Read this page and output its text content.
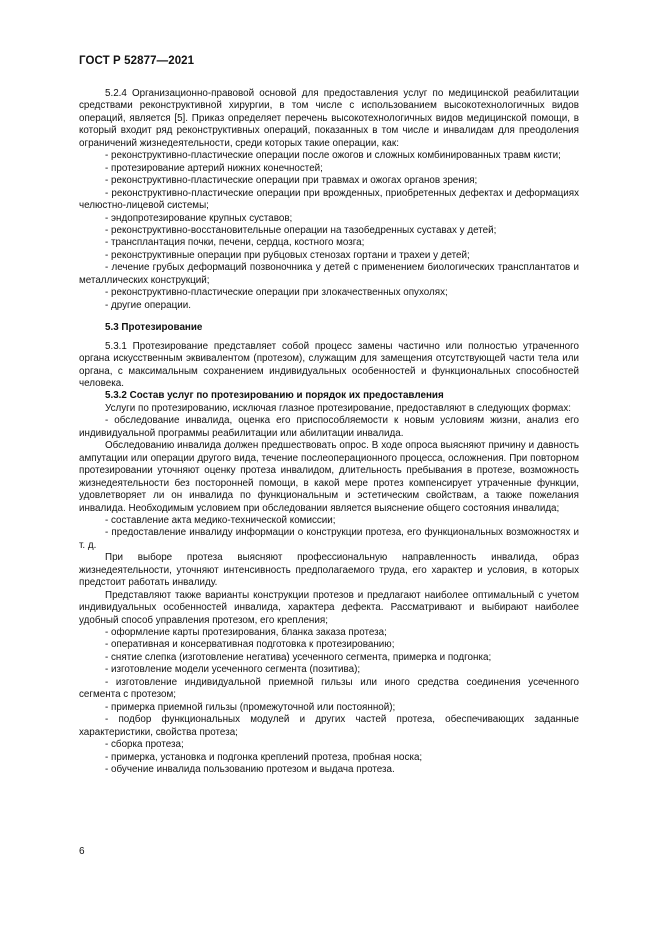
ГОСТ Р 52877—2021

5.2.4 Организационно-правовой основой для предоставления услуг по медицинской реабилитации средствами реконструктивной хирургии, в том числе с использованием высокотехнологичных видов операций, является [5]. Приказ определяет перечень высокотехнологичных видов медицинской помощи, в который входит ряд реконструктивных операций, показанных в том числе и инвалидам для преодоления ограничений жизнедеятельности, среди которых такие операции, как:

- реконструктивно-пластические операции после ожогов и сложных комбинированных травм кисти;

- протезирование артерий нижних конечностей;

- реконструктивно-пластические операции при травмах и ожогах органов зрения;

- реконструктивно-пластические операции при врожденных, приобретенных дефектах и деформациях челюстно-лицевой системы;

- эндопротезирование крупных суставов;

- реконструктивно-восстановительные операции на тазобедренных суставах у детей;

- трансплантация почки, печени, сердца, костного мозга;

- реконструктивные операции при рубцовых стенозах гортани и трахеи у детей;

- лечение грубых деформаций позвоночника у детей с применением биологических трансплантатов и металлических конструкций;

- реконструктивно-пластические операции при злокачественных опухолях;

- другие операции.

5.3 Протезирование

5.3.1 Протезирование представляет собой процесс замены частично или полностью утраченного органа искусственным эквивалентом (протезом), служащим для замещения отсутствующей части тела или органа, с максимальным сохранением индивидуальных особенностей и функциональных способностей человека.

5.3.2 Состав услуг по протезированию и порядок их предоставления

Услуги по протезированию, исключая глазное протезирование, предоставляют в следующих формах:

- обследование инвалида, оценка его приспособляемости к новым условиям жизни, анализ его индивидуальной программы реабилитации или абилитации инвалида.

Обследованию инвалида должен предшествовать опрос. В ходе опроса выясняют причину и давность ампутации или операции другого вида, течение послеоперационного процесса, осложнения. При повторном протезировании уточняют оценку протеза инвалидом, длительность пребывания в протезе, возможность жизнедеятельности без посторонней помощи, в какой мере протез компенсирует утраченные функции, удовлетворяет ли он инвалида по функциональным и эстетическим свойствам, а также пожелания инвалида. Необходимым условием при обследовании является выяснение общего состояния инвалида;

- составление акта медико-технической комиссии;

- предоставление инвалиду информации о конструкции протеза, его функциональных возможностях и т. д.

При выборе протеза выясняют профессиональную направленность инвалида, образ жизнедеятельности, уточняют интенсивность предполагаемого труда, его характер и условия, в которых предстоит работать инвалиду.

Представляют также варианты конструкции протезов и предлагают наиболее оптимальный с учетом индивидуальных особенностей инвалида, характера дефекта. Рассматривают и выбирают наиболее удобный способ управления протезом, его крепления;

- оформление карты протезирования, бланка заказа протеза;

- оперативная и консервативная подготовка к протезированию;

- снятие слепка (изготовление негатива) усеченного сегмента, примерка и подгонка;

- изготовление модели усеченного сегмента (позитива);

- изготовление индивидуальной приемной гильзы или иного средства соединения усеченного сегмента с протезом;

- примерка приемной гильзы (промежуточной или постоянной);

- подбор функциональных модулей и других частей протеза, обеспечивающих заданные характеристики, свойства протеза;

- сборка протеза;

- примерка, установка и подгонка креплений протеза, пробная носка;

- обучение инвалида пользованию протезом и выдача протеза.

6
